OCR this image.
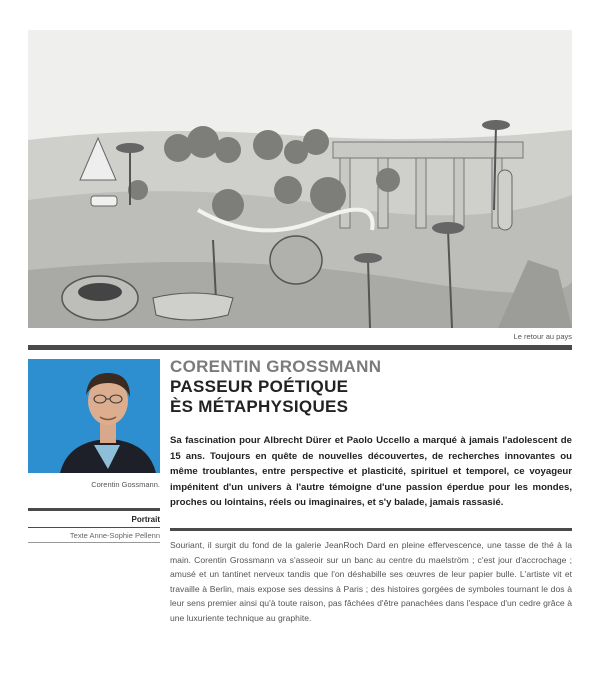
Le retour au pays
Corentin Gossmann.
Portrait
Texte Anne-Sophie Pellenn
CORENTIN GROSSMANN
PASSEUR POÉTIQUE
ÈS MÉTAPHYSIQUES
Sa fascination pour Albrecht Dürer et Paolo Uccello a marqué à jamais l'adolescent de 15 ans. Toujours en quête de nouvelles découvertes, de recherches innovantes ou même troublantes, entre perspective et plasticité, spirituel et temporel, ce voyageur impénitent d'un univers à l'autre témoigne d'une passion éperdue pour les mondes, proches ou lointains, réels ou imaginaires, et s'y balade, jamais rassasié.
Souriant, il surgit du fond de la galerie JeanRoch Dard en pleine effervescence, une tasse de thé à la main. Corentin Grossmann va s'asseoir sur un banc au centre du maelström ; c'est jour d'accrochage ; amusé et un tantinet nerveux tandis que l'on déshabille ses œuvres de leur papier bulle. L'artiste vit et travaille à Berlin, mais expose ses dessins à Paris ; des histoires gorgées de symboles tournant le dos à leur sens premier ainsi qu'à toute raison, pas fâchées d'être panachées dans l'espace d'un cedre grâce à une luxuriente technique au graphite.
